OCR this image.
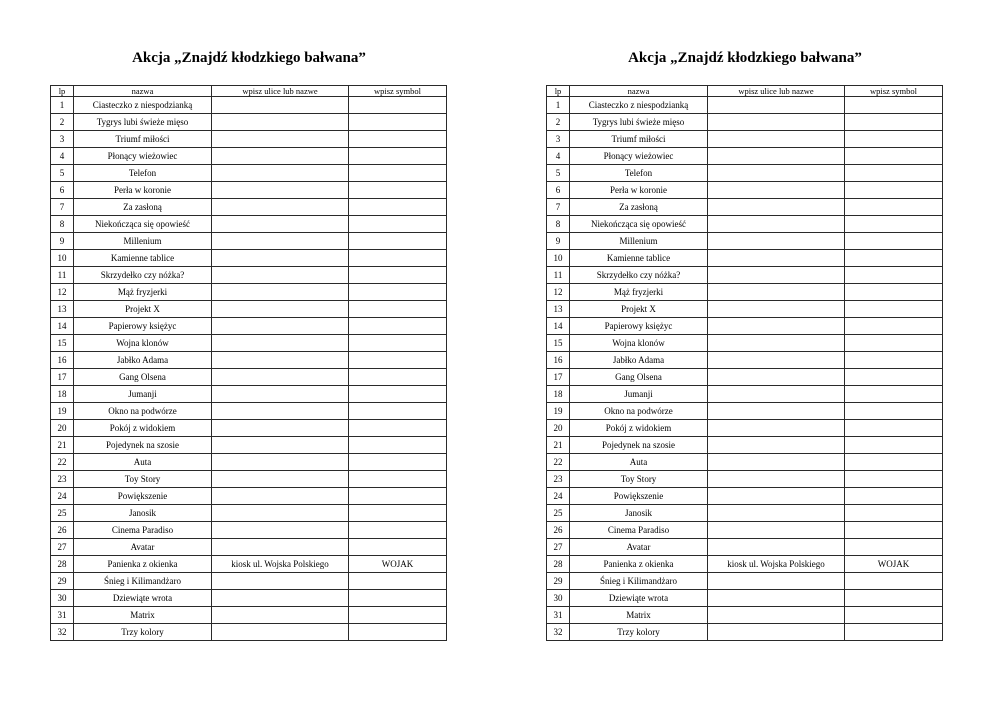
Akcja „Znajdź kłodzkiego bałwana”
lp	nazwa	wpisz ulice lub nazwe	wpisz symbol
1	Ciasteczko z niespodzianką		
2	Tygrys lubi świeże mięso		
3	Triumf miłości		
4	Płonący wieżowiec		
5	Telefon		
6	Perła w koronie		
7	Za zasłoną		
8	Niekończąca się opowieść		
9	Millenium		
10	Kamienne tablice		
11	Skrzydełko czy nóżka?		
12	Mąż fryzjerki		
13	Projekt X		
14	Papierowy księżyc		
15	Wojna klonów		
16	Jabłko Adama		
17	Gang Olsena		
18	Jumanji		
19	Okno na podwórze		
20	Pokój z widokiem		
21	Pojedynek na szosie		
22	Auta		
23	Toy Story		
24	Powiększenie		
25	Janosik		
26	Cinema Paradiso		
27	Avatar		
28	Panienka z okienka	kiosk ul. Wojska Polskiego	WOJAK
29	Śnieg i Kilimandżaro		
30	Dziewiąte wrota		
31	Matrix		
32	Trzy kolory		
Akcja „Znajdź kłodzkiego bałwana”
lp	nazwa	wpisz ulice lub nazwe	wpisz symbol
1	Ciasteczko z niespodzianką		
2	Tygrys lubi świeże mięso		
3	Triumf miłości		
4	Płonący wieżowiec		
5	Telefon		
6	Perła w koronie		
7	Za zasłoną		
8	Niekończąca się opowieść		
9	Millenium		
10	Kamienne tablice		
11	Skrzydełko czy nóżka?		
12	Mąż fryzjerki		
13	Projekt X		
14	Papierowy księżyc		
15	Wojna klonów		
16	Jabłko Adama		
17	Gang Olsena		
18	Jumanji		
19	Okno na podwórze		
20	Pokój z widokiem		
21	Pojedynek na szosie		
22	Auta		
23	Toy Story		
24	Powiększenie		
25	Janosik		
26	Cinema Paradiso		
27	Avatar		
28	Panienka z okienka	kiosk ul. Wojska Polskiego	WOJAK
29	Śnieg i Kilimandżaro		
30	Dziewiąte wrota		
31	Matrix		
32	Trzy kolory		
